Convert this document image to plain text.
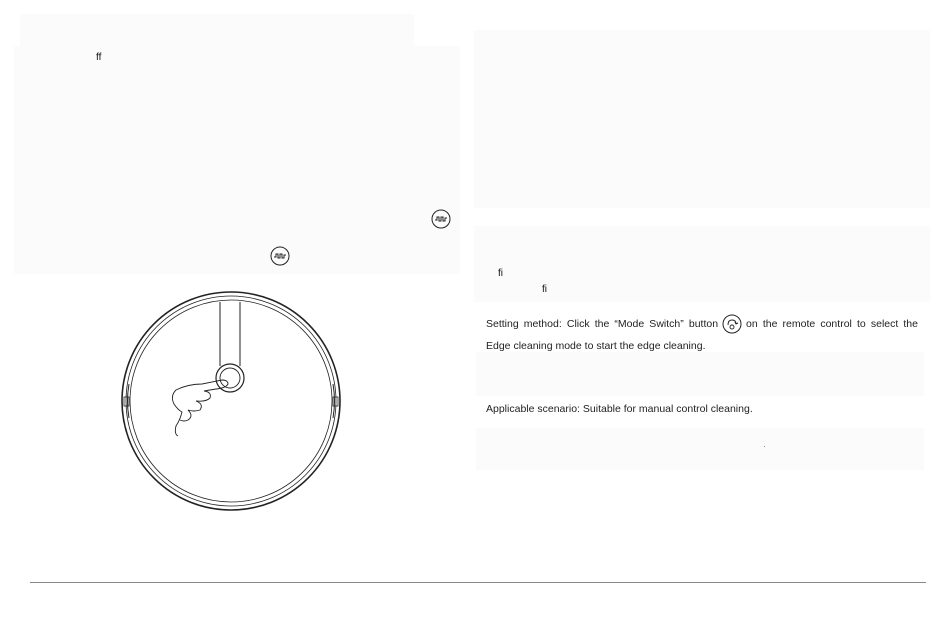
ff
fi
fi
Setting method: Click the “Mode Switch” button	on the remote control to select the Edge cleaning mode to start the edge cleaning.
Applicable scenario: Suitable for manual control cleaning.
·
